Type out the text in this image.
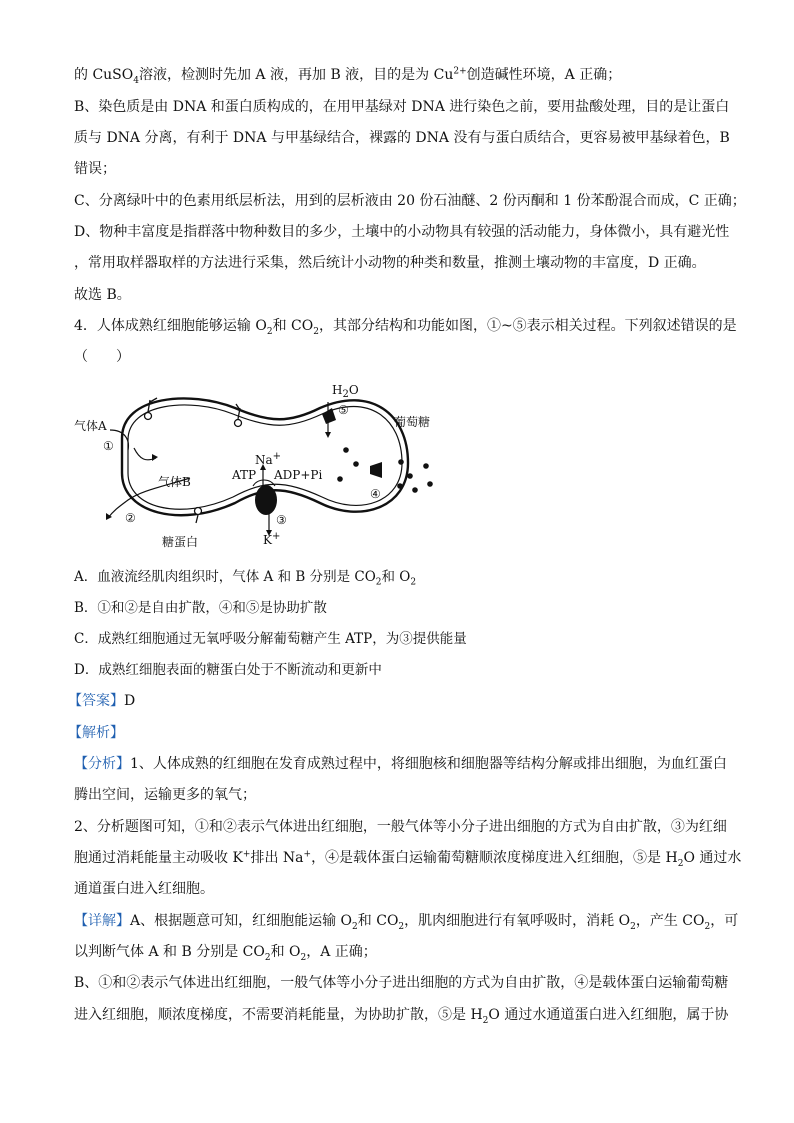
的 CuSO$_4$溶液，检测时先加 A 液，再加 B 液，目的是为 $Cu^{2+}$创造碱性环境，A 正确；
B、染色质是由 DNA 和蛋白质构成的，在用甲基绿对 DNA 进行染色之前，要用盐酸处理，目的是让蛋白
质与 DNA 分离，有利于 DNA 与甲基绿结合，裸露的 DNA 没有与蛋白质结合，更容易被甲基绿着色，B
错误；
C、分离绿叶中的色素用纸层析法，用到的层析液由 20 份石油醚、2 份丙酮和 1 份苯酚混合而成，C 正确；
D、物种丰富度是指群落中物种数目的多少，土壤中的小动物具有较强的活动能力，身体微小，具有避光性
，常用取样器取样的方法进行采集，然后统计小动物的种类和数量，推测土壤动物的丰富度，D 正确。
故选 B。
4．人体成熟红细胞能够运输 $O_2$和 $CO_2$，其部分结构和功能如图，①~⑤表示相关过程。下列叙述错误的是
（　　）
$H_2O$
⑤
气体A
①
葡萄糖
Na+
ATP ADP+Pi
气体B
④
②	③
K+
糖蛋白
A．血液流经肌肉组织时，气体 A 和 B 分别是 $CO_2$和 $O_2$
B．①和②是自由扩散，④和⑤是协助扩散
C．成熟红细胞通过无氧呼吸分解葡萄糖产生 ATP，为③提供能量
D．成熟红细胞表面的糖蛋白处于不断流动和更新中
【答案】D
【解析】
【分析】1、人体成熟的红细胞在发育成熟过程中，将细胞核和细胞器等结构分解或排出细胞，为血红蛋白
腾出空间，运输更多的氧气；
2、分析题图可知，①和②表示气体进出红细胞，一般气体等小分子进出细胞的方式为自由扩散，③为红细
胞通过消耗能量主动吸收 K+排出 Na+，④是载体蛋白运输葡萄糖顺浓度梯度进入红细胞，⑤是 $H_2O$ 通过水
通道蛋白进入红细胞。
【详解】A、根据题意可知，红细胞能运输 $O_2$和 $CO_2$，肌肉细胞进行有氧呼吸时，消耗 $O_2$，产生 $CO_2$，可
以判断气体 A 和 B 分别是 $CO_2$和 $O_2$，A 正确；
B、①和②表示气体进出红细胞，一般气体等小分子进出细胞的方式为自由扩散，④是载体蛋白运输葡萄糖
进入红细胞，顺浓度梯度，不需要消耗能量，为协助扩散，⑤是 $H_2O$ 通过水通道蛋白进入红细胞，属于协
